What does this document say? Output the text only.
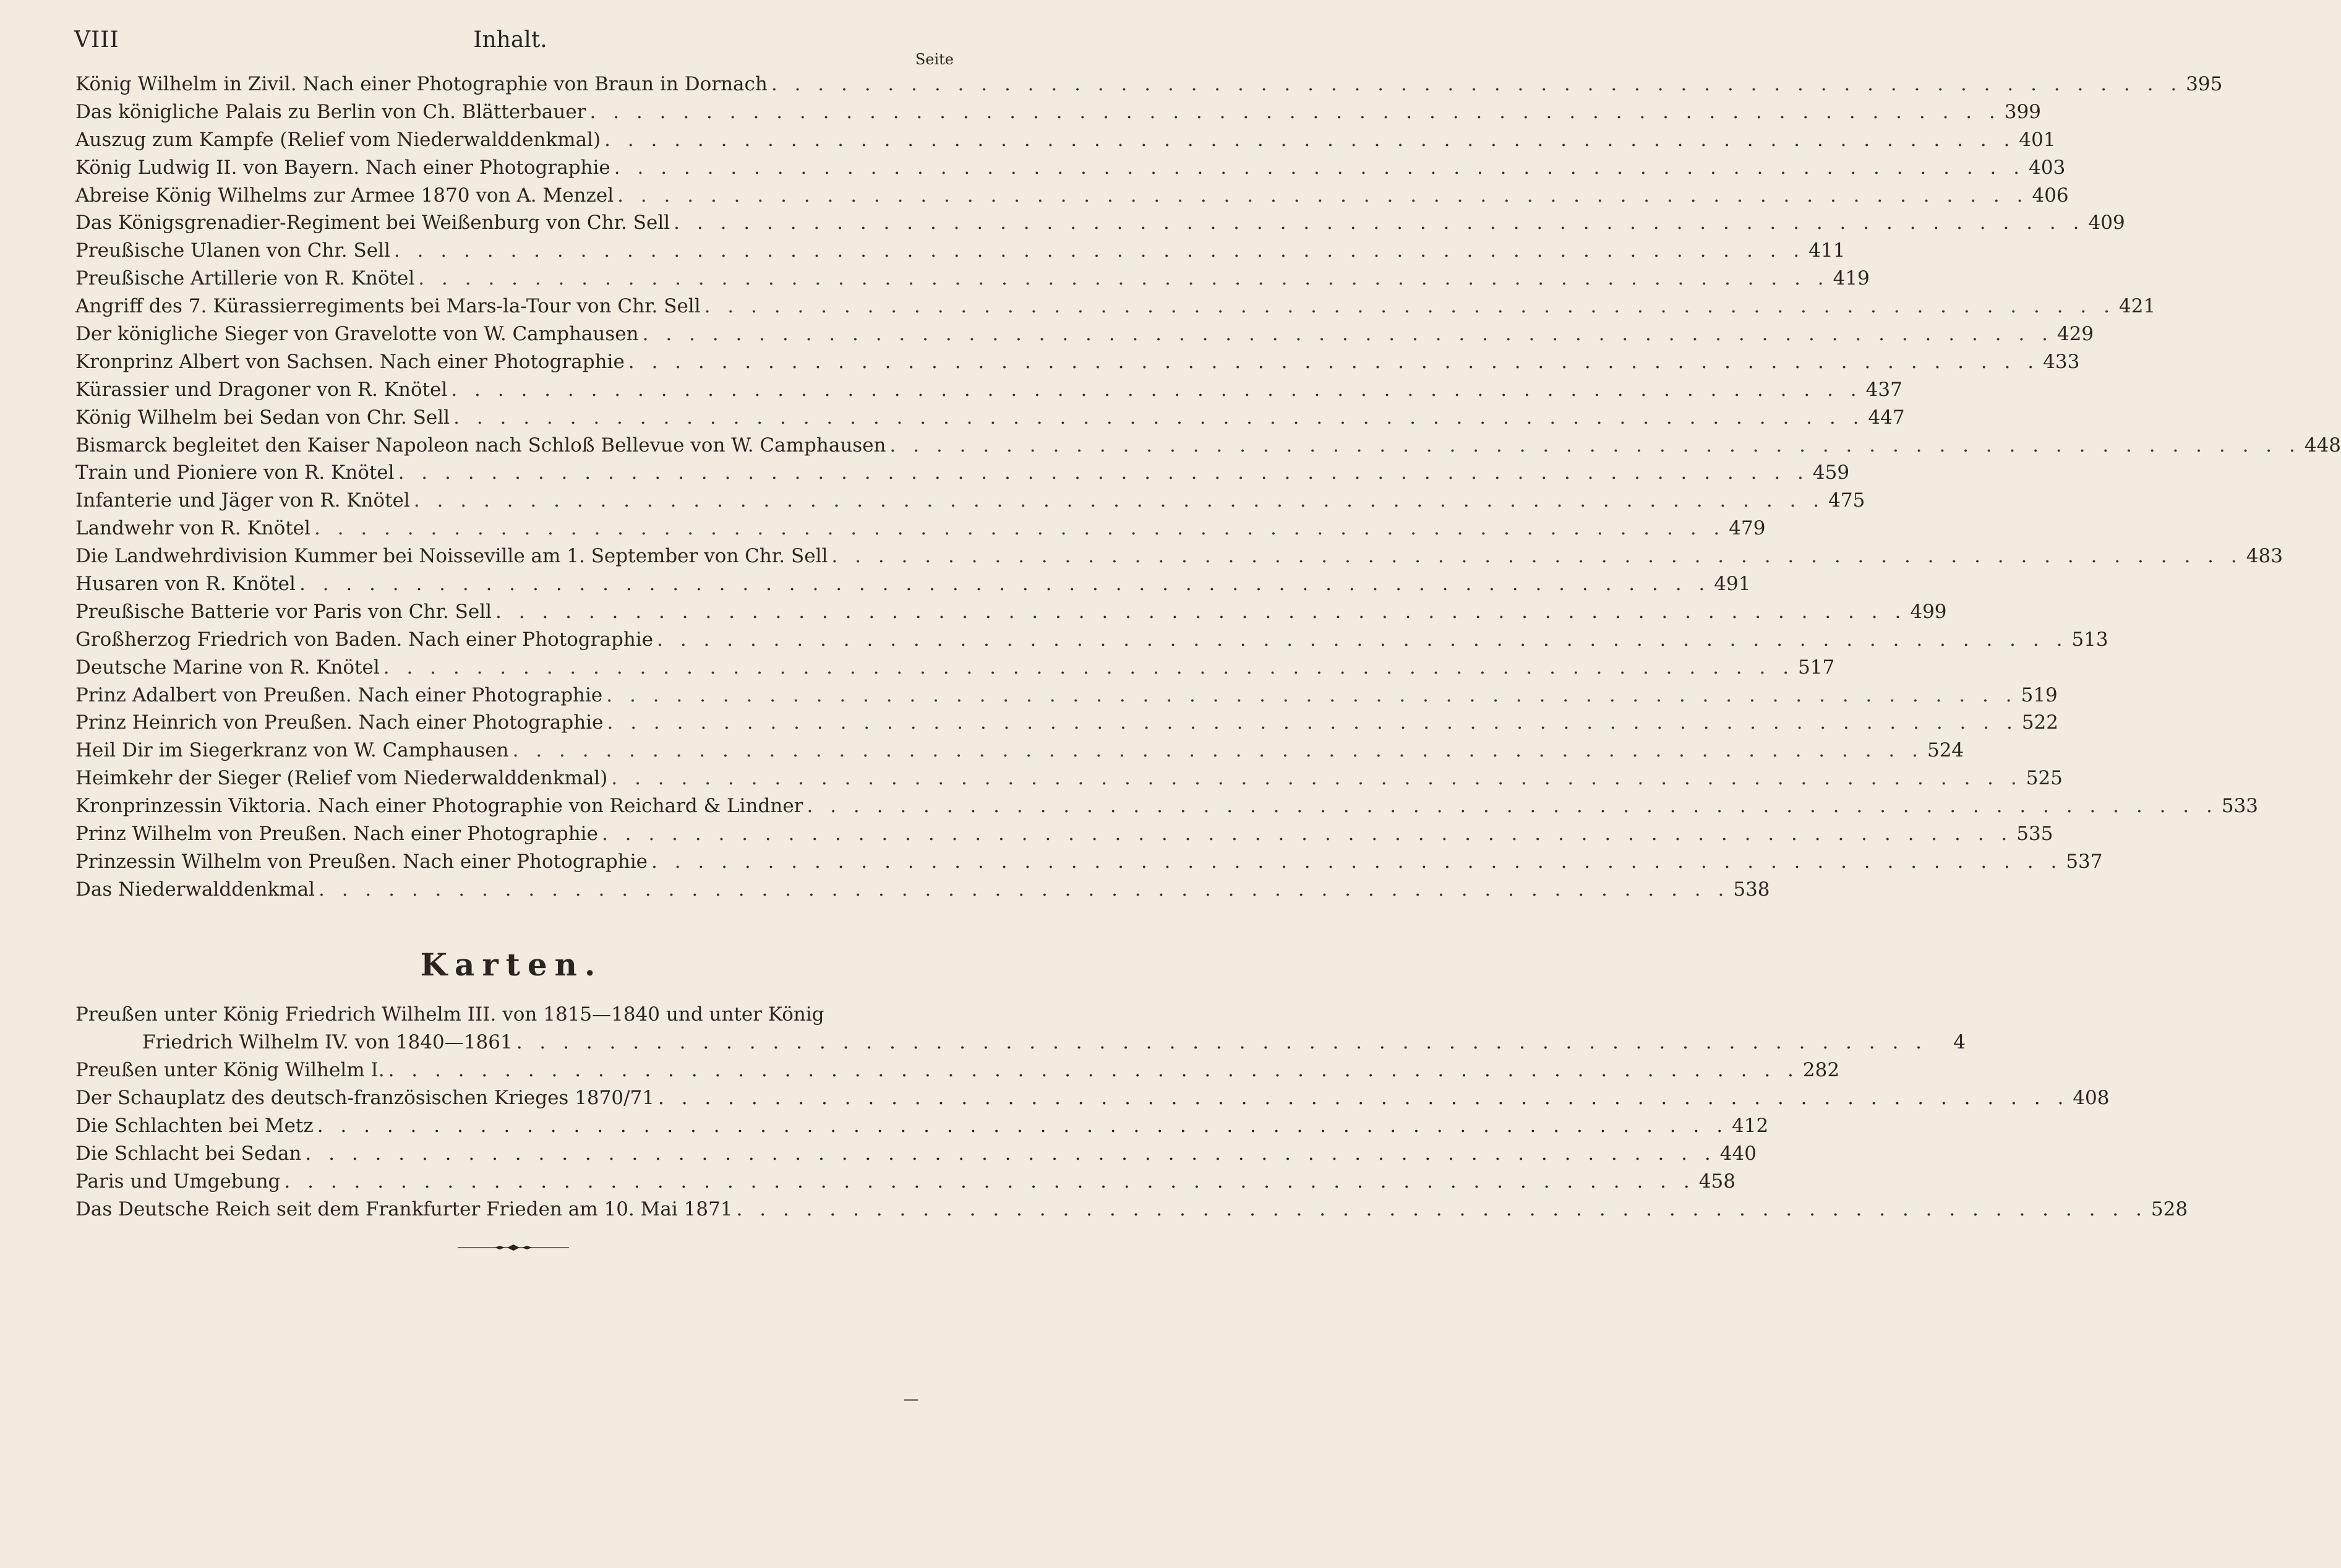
VIII	Inhalt.
Seite
König Wilhelm in Zivil. Nach einer Photographie von Braun in Dornach . . . . . . . . . . . . . . . . . . . . . . . . . . . . . . . . . . . . . . . . . . . . . . . . . . . . . . . . . . . . . 395
Das königliche Palais zu Berlin von Ch. Blätterbauer . . . . . . . . . . . . . . . . . . . . . . . . . . . . . . . . . . . . . . . . . . . . . . . . . . . . . . . . . . . . . 399
Auszug zum Kampfe (Relief vom Niederwalddenkmal) . . . . . . . . . . . . . . . . . . . . . . . . . . . . . . . . . . . . . . . . . . . . . . . . . . . . . . . . . . . . . 401
König Ludwig II. von Bayern. Nach einer Photographie . . . . . . . . . . . . . . . . . . . . . . . . . . . . . . . . . . . . . . . . . . . . . . . . . . . . . . . . . . . . . 403
Abreise König Wilhelms zur Armee 1870 von A. Menzel . . . . . . . . . . . . . . . . . . . . . . . . . . . . . . . . . . . . . . . . . . . . . . . . . . . . . . . . . . . . . 406
Das Königsgrenadier-Regiment bei Weißenburg von Chr. Sell . . . . . . . . . . . . . . . . . . . . . . . . . . . . . . . . . . . . . . . . . . . . . . . . . . . . . . . . . . . . . 409
Preußische Ulanen von Chr. Sell . . . . . . . . . . . . . . . . . . . . . . . . . . . . . . . . . . . . . . . . . . . . . . . . . . . . . . . . . . . . . 411
Preußische Artillerie von R. Knötel . . . . . . . . . . . . . . . . . . . . . . . . . . . . . . . . . . . . . . . . . . . . . . . . . . . . . . . . . . . . . 419
Angriff des 7. Kürassierregiments bei Mars-la-Tour von Chr. Sell . . . . . . . . . . . . . . . . . . . . . . . . . . . . . . . . . . . . . . . . . . . . . . . . . . . . . . . . . . . . . 421
Der königliche Sieger von Gravelotte von W. Camphausen . . . . . . . . . . . . . . . . . . . . . . . . . . . . . . . . . . . . . . . . . . . . . . . . . . . . . . . . . . . . . 429
Kronprinz Albert von Sachsen. Nach einer Photographie . . . . . . . . . . . . . . . . . . . . . . . . . . . . . . . . . . . . . . . . . . . . . . . . . . . . . . . . . . . . . 433
Kürassier und Dragoner von R. Knötel . . . . . . . . . . . . . . . . . . . . . . . . . . . . . . . . . . . . . . . . . . . . . . . . . . . . . . . . . . . . . 437
König Wilhelm bei Sedan von Chr. Sell . . . . . . . . . . . . . . . . . . . . . . . . . . . . . . . . . . . . . . . . . . . . . . . . . . . . . . . . . . . . . 447
Bismarck begleitet den Kaiser Napoleon nach Schloß Bellevue von W. Camphausen . . . . . . . . . . . . . . . . . . . . . . . . . . . . . . . . . . . . . . . . . . . . . . . . . . . . . . . . . . . . . 448
Train und Pioniere von R. Knötel . . . . . . . . . . . . . . . . . . . . . . . . . . . . . . . . . . . . . . . . . . . . . . . . . . . . . . . . . . . . . 459
Infanterie und Jäger von R. Knötel . . . . . . . . . . . . . . . . . . . . . . . . . . . . . . . . . . . . . . . . . . . . . . . . . . . . . . . . . . . . . 475
Landwehr von R. Knötel . . . . . . . . . . . . . . . . . . . . . . . . . . . . . . . . . . . . . . . . . . . . . . . . . . . . . . . . . . . . . 479
Die Landwehrdivision Kummer bei Noisseville am 1. September von Chr. Sell . . . . . . . . . . . . . . . . . . . . . . . . . . . . . . . . . . . . . . . . . . . . . . . . . . . . . . . . . . . . . 483
Husaren von R. Knötel . . . . . . . . . . . . . . . . . . . . . . . . . . . . . . . . . . . . . . . . . . . . . . . . . . . . . . . . . . . . . 491
Preußische Batterie vor Paris von Chr. Sell . . . . . . . . . . . . . . . . . . . . . . . . . . . . . . . . . . . . . . . . . . . . . . . . . . . . . . . . . . . . . 499
Großherzog Friedrich von Baden. Nach einer Photographie . . . . . . . . . . . . . . . . . . . . . . . . . . . . . . . . . . . . . . . . . . . . . . . . . . . . . . . . . . . . . 513
Deutsche Marine von R. Knötel . . . . . . . . . . . . . . . . . . . . . . . . . . . . . . . . . . . . . . . . . . . . . . . . . . . . . . . . . . . . . 517
Prinz Adalbert von Preußen. Nach einer Photographie . . . . . . . . . . . . . . . . . . . . . . . . . . . . . . . . . . . . . . . . . . . . . . . . . . . . . . . . . . . . . 519
Prinz Heinrich von Preußen. Nach einer Photographie . . . . . . . . . . . . . . . . . . . . . . . . . . . . . . . . . . . . . . . . . . . . . . . . . . . . . . . . . . . . . 522
Heil Dir im Siegerkranz von W. Camphausen . . . . . . . . . . . . . . . . . . . . . . . . . . . . . . . . . . . . . . . . . . . . . . . . . . . . . . . . . . . . . 524
Heimkehr der Sieger (Relief vom Niederwalddenkmal) . . . . . . . . . . . . . . . . . . . . . . . . . . . . . . . . . . . . . . . . . . . . . . . . . . . . . . . . . . . . . 525
Kronprinzessin Viktoria. Nach einer Photographie von Reichard & Lindner . . . . . . . . . . . . . . . . . . . . . . . . . . . . . . . . . . . . . . . . . . . . . . . . . . . . . . . . . . . . . 533
Prinz Wilhelm von Preußen. Nach einer Photographie . . . . . . . . . . . . . . . . . . . . . . . . . . . . . . . . . . . . . . . . . . . . . . . . . . . . . . . . . . . . . 535
Prinzessin Wilhelm von Preußen. Nach einer Photographie . . . . . . . . . . . . . . . . . . . . . . . . . . . . . . . . . . . . . . . . . . . . . . . . . . . . . . . . . . . . . 537
Das Niederwalddenkmal . . . . . . . . . . . . . . . . . . . . . . . . . . . . . . . . . . . . . . . . . . . . . . . . . . . . . . . . . . . . . 538
Karten.
Preußen unter König Friedrich Wilhelm III. von 1815—1840 und unter König
Friedrich Wilhelm IV. von 1840—1861 . . . . . . . . . . . . . . . . . . . . . . . . . . . . . . . . . . . . . . . . . . . . . . . . . . . . . . . . . . . . .	4
Preußen unter König Wilhelm I. . . . . . . . . . . . . . . . . . . . . . . . . . . . . . . . . . . . . . . . . . . . . . . . . . . . . . . . . . . . . . 282
Der Schauplatz des deutsch-französischen Krieges 1870/71 . . . . . . . . . . . . . . . . . . . . . . . . . . . . . . . . . . . . . . . . . . . . . . . . . . . . . . . . . . . . . 408
Die Schlachten bei Metz . . . . . . . . . . . . . . . . . . . . . . . . . . . . . . . . . . . . . . . . . . . . . . . . . . . . . . . . . . . . . 412
Die Schlacht bei Sedan . . . . . . . . . . . . . . . . . . . . . . . . . . . . . . . . . . . . . . . . . . . . . . . . . . . . . . . . . . . . . 440
Paris und Umgebung . . . . . . . . . . . . . . . . . . . . . . . . . . . . . . . . . . . . . . . . . . . . . . . . . . . . . . . . . . . . . 458
Das Deutsche Reich seit dem Frankfurter Frieden am 10. Mai 1871 . . . . . . . . . . . . . . . . . . . . . . . . . . . . . . . . . . . . . . . . . . . . . . . . . . . . . . . . . . . . . 528
